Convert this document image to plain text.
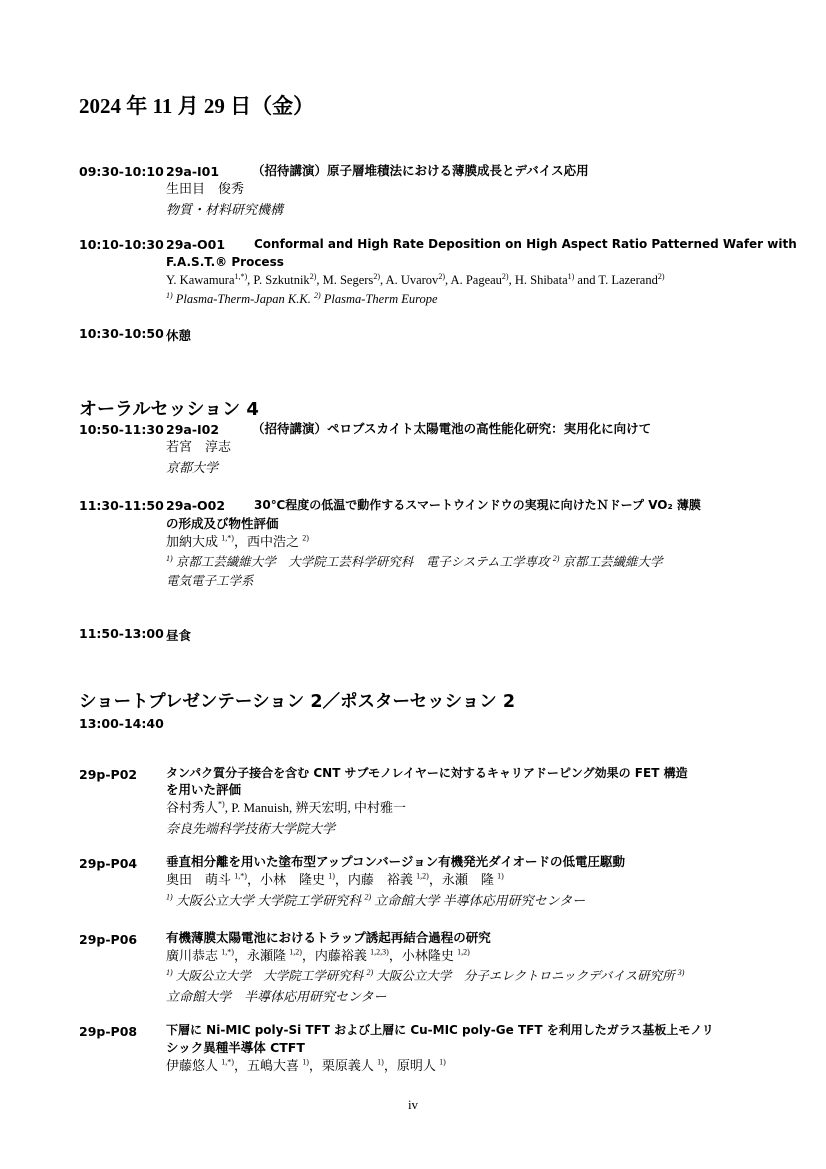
2024 年 11 月 29 日（金）
09:30-10:10 29a-I01	（招待講演）原子層堆積法における薄膜成長とデバイス応用
生田目　俊秀
物質・材料研究機構
10:10-10:30 29a-O01 Conformal and High Rate Deposition on High Aspect Ratio Patterned Wafer with
F.A.S.T.® Process
Y. Kawamura$^{1,*)}$, P. Szkutnik$^{2)}$, M. Segers$^{2)}$, A. Uvarov$^{2)}$, A. Pageau$^{2)}$, H. Shibata$^{1)}$ and T. Lazerand$^{2)}$
$^{1)}$ Plasma-Therm-Japan K.K. $^{2)}$ Plasma-Therm Europe
10:30-10:50 休憩
オーラルセッション 4
10:50-11:30 29a-I02	（招待講演）ペロブスカイト太陽電池の高性能化研究：実用化に向けて
若宮　淳志
京都大学
11:30-11:50 29a-O02 30℃程度の低温で動作するスマートウインドウの実現に向けたＮドープ VO₂ 薄膜
の形成及び物性評価
加納大成 $^{1,*)}$，西中浩之 $^{2)}$
$^{1)}$ 京都工芸繊維大学　大学院工芸科学研究科　電子システム工学専攻 $^{2)}$ 京都工芸繊維大学
電気電子工学系
11:50-13:00 昼食
ショートプレゼンテーション 2／ポスターセッション 2
13:00-14:40
29p-P02 タンパク質分子接合を含む CNT サブモノレイヤーに対するキャリアドーピング効果の FET 構造
を用いた評価
谷村秀人*), P. Manuish, 辨天宏明, 中村雅一
奈良先端科学技術大学院大学
29p-P04 垂直相分離を用いた塗布型アップコンバージョン有機発光ダイオードの低電圧駆動
奥田　萌斗 $^{1,*)}$，小林　隆史 $^{1)}$，内藤　裕義 $^{1,2)}$，永瀬　隆 $^{1)}$
$^{1)}$ 大阪公立大学 大学院工学研究科 $^{2)}$ 立命館大学 半導体応用研究センター
29p-P06 有機薄膜太陽電池におけるトラップ誘起再結合過程の研究
廣川恭志 $^{1,*)}$，永瀬隆 $^{1,2)}$，内藤裕義 $^{1,2,3)}$，小林隆史 $^{1,2)}$
$^{1)}$ 大阪公立大学　大学院工学研究科 $^{2)}$ 大阪公立大学　分子エレクトロニックデバイス研究所 $^{3)}$
立命館大学　半導体応用研究センター
29p-P08 下層に Ni-MIC poly-Si TFT および上層に Cu-MIC poly-Ge TFT を利用したガラス基板上モノリ
シック異種半導体 CTFT
伊藤悠人 $^{1,*)}$，五嶋大喜 $^{1)}$，栗原義人 $^{1)}$，原明人 $^{1)}$
iv
